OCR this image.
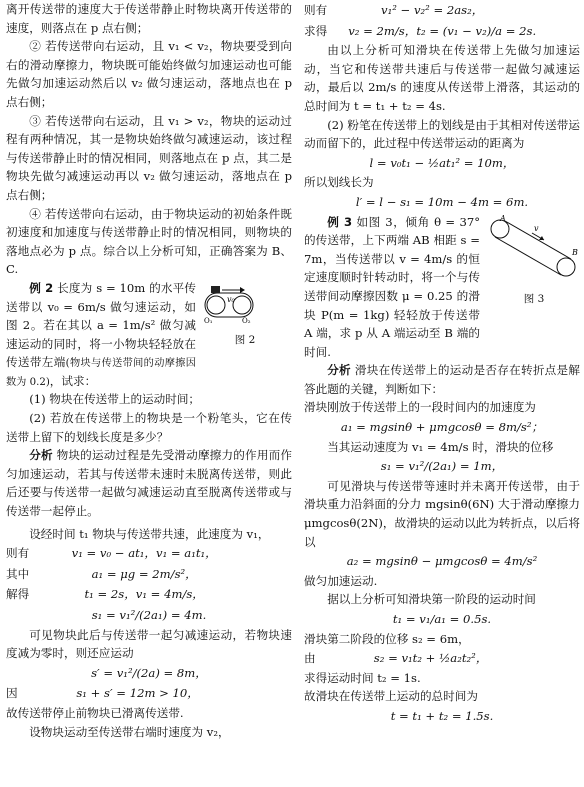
离开传送带的速度大于传送带静止时物块离开传送带的速度，则落点在 p 点右侧；

② 若传送带向右运动，且 v₁ < v₂，物块要受到向右的滑动摩擦力，物块既可能始终做匀加速运动也可能先做匀加速运动然后以 v₂ 做匀速运动，落地点也在 p 点右侧；

③ 若传送带向右运动，且 v₁ > v₂，物块的运动过程有两种情况，其一是物块始终做匀减速运动，该过程与传送带静止时的情况相同，则落地点在 p 点，其二是物块先做匀减速运动再以 v₂ 做匀速运动，落地点在 p 点右侧；

④ 若传送带向右运动，由于物块运动的初始条件既初速度和加速度与传送带静止时的情况相同，则物块的落地点必为 p 点。综合以上分析可知，正确答案为 B、C.

例 2 长度为 s = 10m 的水平传送带以 v₀ = 6m/s 做匀速运动，如图 2。若在其以 a = 1m/s² 做匀减速运动的同时，将一小物块轻轻放在传送带左端(物块与传送带间的动摩擦因数为 0.2)，试求：

v₀
O₁	O₂
图 2

(1) 物块在传送带上的运动时间；

(2) 若放在传送带上的物块是一个粉笔头，它在传送带上留下的划线长度是多少？

分析 物块的运动过程是先受滑动摩擦力的作用而作匀加速运动，若其与传送带未速时未脱离传送带，则此后还要与传送带一起做匀减速运动直至脱离传送带或与传送带一起停止。

设经时间 t₁ 物块与传送带共速，此速度为 v₁，

则有	v₁ = v₀ − at₁，v₁ = a₁t₁，

其中	a₁ = μg = 2m/s²，

解得	t₁ = 2s，v₁ = 4m/s，

s₁ = v₁²/(2a₁) = 4m.

可见物块此后与传送带一起匀减速运动，若物块速度减为零时，则还应运动

s′ = v₁²/(2a) = 8m，

因	s₁ + s′ = 12m > 10，

故传送带停止前物块已滑离传送带.

设物块运动至传送带右端时速度为 v₂，

则有	v₁² − v₂² = 2as₂，

求得 v₂ = 2m/s，t₂ = (v₁ − v₂)/a = 2s.

由以上分析可知滑块在传送带上先做匀加速运动，当它和传送带共速后与传送带一起做匀减速运动，最后以 2m/s 的速度从传送带上滑落，其运动的总时间为 t = t₁ + t₂ = 4s.

(2) 粉笔在传送带上的划线是由于其相对传送带运动而留下的，此过程中传送带运动的距离为

l = v₀t₁ − ½at₁² = 10m，

所以划线长为

l′ = l − s₁ = 10m − 4m = 6m.

例 3 如图 3，倾角 θ = 37° 的传送带，上下两端 AB 相距 s = 7m，当传送带以 v = 4m/s 的恒定速度顺时针转动时，将一个与传送带间动摩擦因数 μ = 0.25 的滑块 P(m = 1kg) 轻轻放于传送带 A 端，求 p 从 A 端运动至 B 端的时间.

A
v
B
图 3

分析 滑块在传送带上的运动是否存在转折点是解答此题的关键，判断如下：

滑块刚放于传送带上的一段时间内的加速度为

a₁ = mgsinθ + μmgcosθ = 8m/s²；

当其运动速度为 v₁ = 4m/s 时，滑块的位移

s₁ = v₁²/(2a₁) = 1m，

可见滑块与传送带等速时并未离开传送带，由于滑块重力沿斜面的分力 mgsinθ(6N) 大于滑动摩擦力 μmgcosθ(2N)，故滑块的运动以此为转折点，以后将以

a₂ = mgsinθ − μmgcosθ = 4m/s²

做匀加速运动.

据以上分析可知滑块第一阶段的运动时间

t₁ = v₁/a₁ = 0.5s.

滑块第二阶段的位移 s₂ = 6m，

由	s₂ = v₁t₂ + ½a₂t₂²，

求得运动时间 t₂ = 1s.

故滑块在传送带上运动的总时间为

t = t₁ + t₂ = 1.5s.
